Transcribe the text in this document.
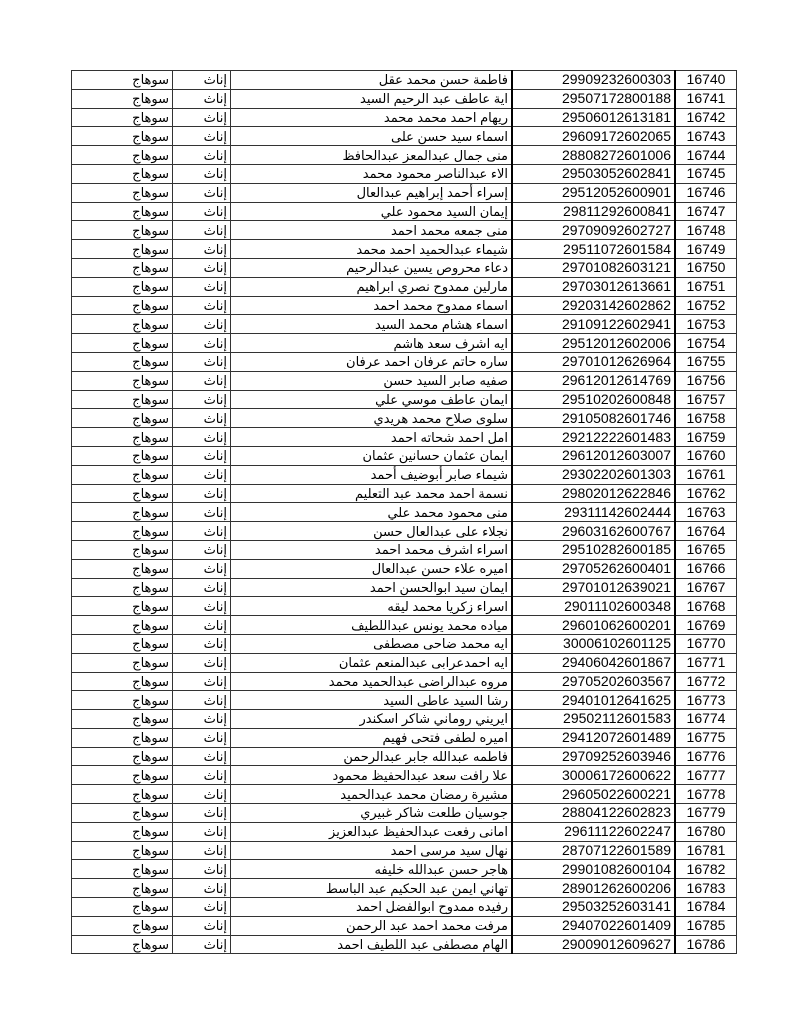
سوهاج	إناث	فاطمة حسن محمد عقل	29909232600303	16740
سوهاج	إناث	اية عاطف عبد الرحيم السيد	29507172800188	16741
سوهاج	إناث	ريهام احمد محمد محمد	29506012613181	16742
سوهاج	إناث	اسماء سيد حسن على	29609172602065	16743
سوهاج	إناث	منى جمال عبدالمعز عبدالحافظ	28808272601006	16744
سوهاج	إناث	الاء عبدالناصر محمود محمد	29503052602841	16745
سوهاج	إناث	إسراء أحمد إبراهيم عبدالعال	29512052600901	16746
سوهاج	إناث	إيمان السيد محمود علي	29811292600841	16747
سوهاج	إناث	منى جمعه محمد احمد	29709092602727	16748
سوهاج	إناث	شيماء عبدالحميد احمد محمد	29511072601584	16749
سوهاج	إناث	دعاء محروص يسين عبدالرحيم	29701082603121	16750
سوهاج	إناث	مارلين ممدوح نصري ابراهيم	29703012613661	16751
سوهاج	إناث	اسماء ممدوح محمد احمد	29203142602862	16752
سوهاج	إناث	اسماء هشام محمد السيد	29109122602941	16753
سوهاج	إناث	ايه اشرف سعد هاشم	29512012602006	16754
سوهاج	إناث	ساره حاتم عرفان احمد عرفان	29701012626964	16755
سوهاج	إناث	صفيه صابر السيد حسن	29612012614769	16756
سوهاج	إناث	ايمان عاطف موسي علي	29510202600848	16757
سوهاج	إناث	سلوى صلاح محمد هريدي	29105082601746	16758
سوهاج	إناث	امل احمد شحاته احمد	29212222601483	16759
سوهاج	إناث	ايمان عثمان حسانين عثمان	29612012603007	16760
سوهاج	إناث	شيماء صابر أبوضيف أحمد	29302202601303	16761
سوهاج	إناث	نسمة احمد محمد عبد التعليم	29802012622846	16762
سوهاج	إناث	منى محمود محمد علي	29311142602444	16763
سوهاج	إناث	نجلاء على عبدالعال حسن	29603162600767	16764
سوهاج	إناث	اسراء اشرف محمد احمد	29510282600185	16765
سوهاج	إناث	اميره علاء حسن عبدالعال	29705262600401	16766
سوهاج	إناث	ايمان سيد ابوالحسن احمد	29701012639021	16767
سوهاج	إناث	اسراء زكريا محمد ليقه	29011102600348	16768
سوهاج	إناث	مياده محمد يونس عبداللطيف	29601062600201	16769
سوهاج	إناث	ايه محمد ضاحى مصطفى	30006102601125	16770
سوهاج	إناث	ايه احمدعرابى عبدالمنعم عثمان	29406042601867	16771
سوهاج	إناث	مروه عبدالراضى عبدالحميد محمد	29705202603567	16772
سوهاج	إناث	رشا السيد عاطى السيد	29401012641625	16773
سوهاج	إناث	ايريني روماني شاكر اسكندر	29502112601583	16774
سوهاج	إناث	اميره لطفى فتحى فهيم	29412072601489	16775
سوهاج	إناث	فاطمه عبدالله جابر عبدالرحمن	29709252603946	16776
سوهاج	إناث	علا رافت سعد عبدالحفيظ محمود	30006172600622	16777
سوهاج	إناث	مشيرة رمضان محمد عبدالحميد	29605022600221	16778
سوهاج	إناث	جوسيان طلعت شاكر غبيري	28804122602823	16779
سوهاج	إناث	امانى رفعت عبدالحفيظ عبدالعزيز	29611122602247	16780
سوهاج	إناث	نهال سيد مرسى احمد	28707122601589	16781
سوهاج	إناث	هاجر حسن عبدالله خليفه	29901082600104	16782
سوهاج	إناث	تهاني ايمن عبد الحكيم عبد الباسط	28901262600206	16783
سوهاج	إناث	رفيده ممدوح ابوالفضل احمد	29503252603141	16784
سوهاج	إناث	مرفت محمد احمد عبد الرحمن	29407022601409	16785
سوهاج	إناث	الهام مصطفى عبد اللطيف احمد	29009012609627	16786
